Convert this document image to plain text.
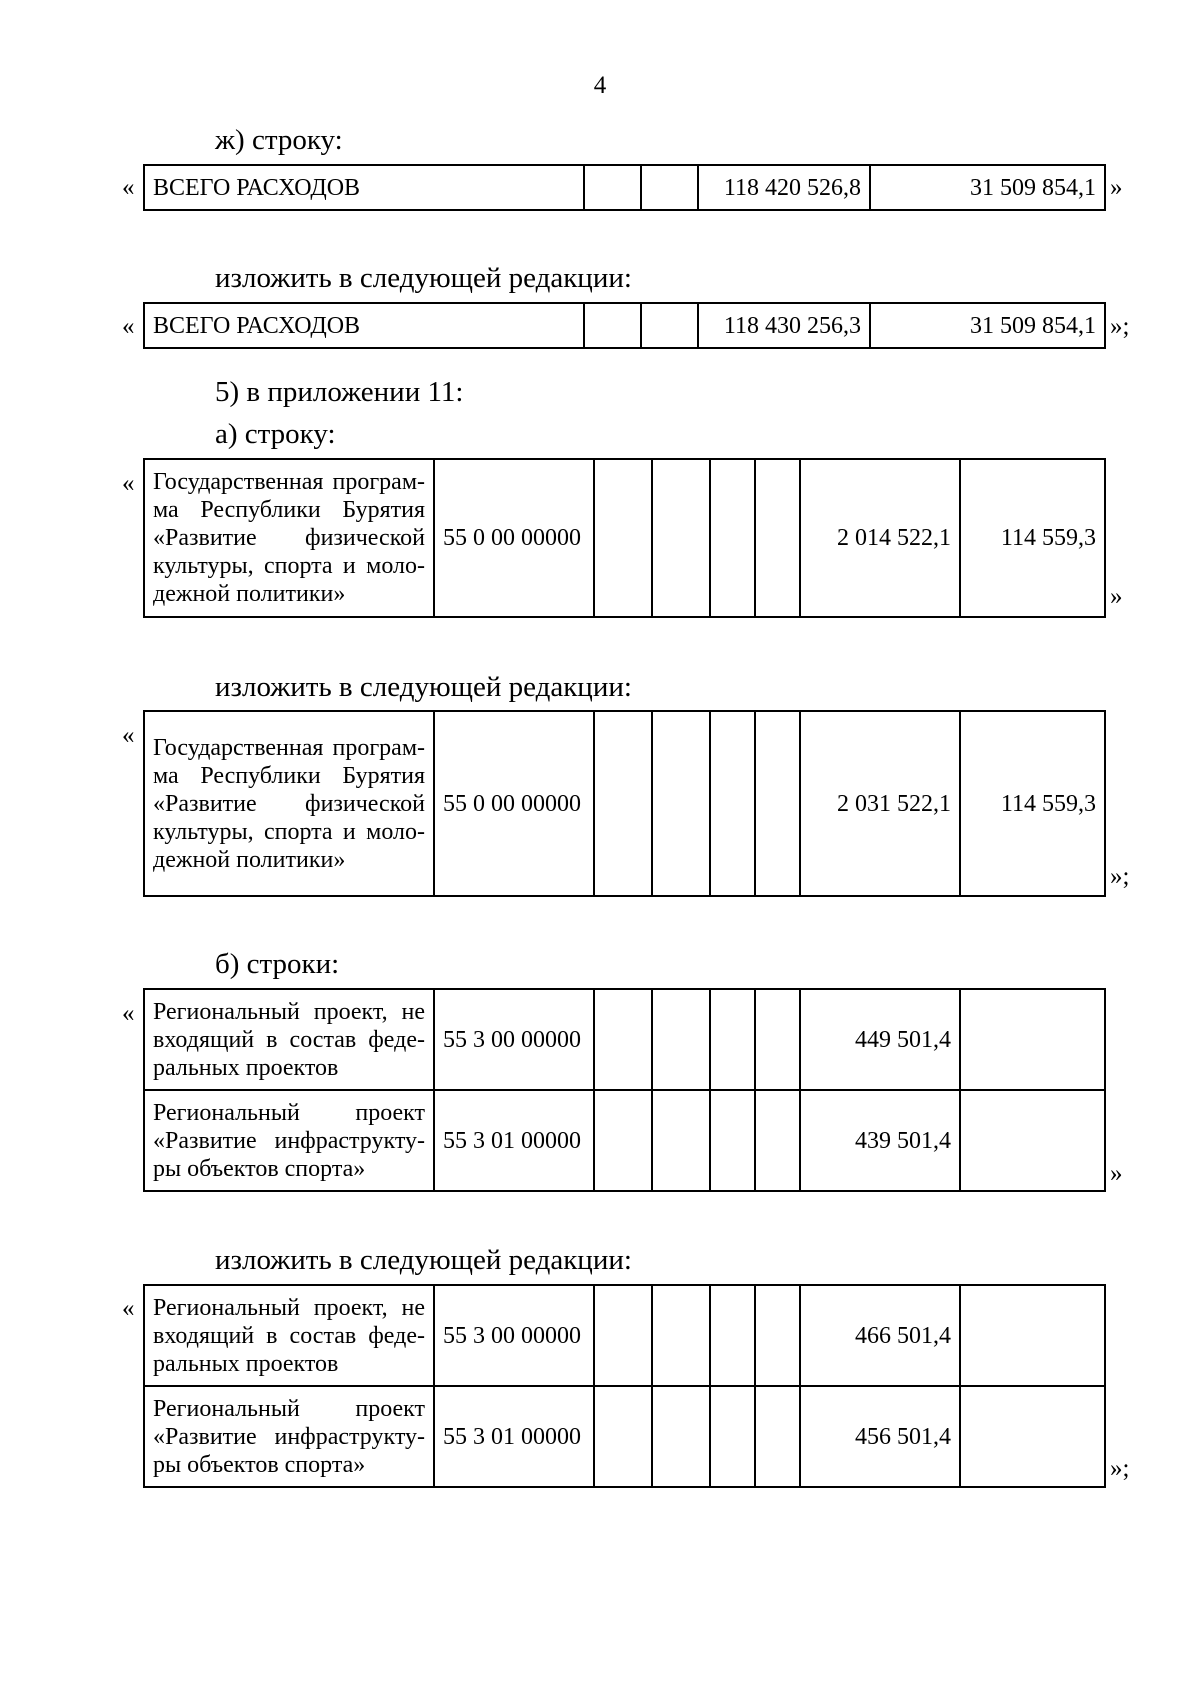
4
ж) строку:
« ВСЕГО РАСХОДОВ			118 420 526,8	31 509 854,1 »
изложить в следующей редакции:
« ВСЕГО РАСХОДОВ			118 430 256,3	31 509 854,1 »;
5) в приложении 11:
а) строку:
« Государственная програм-
ма Республики Бурятия
«Развитие физической
культуры, спорта и моло-
дежной политики»
	55 0 00 00000					2 014 522,1	114 559,3
»
изложить в следующей редакции:
« Государственная програм-
ма Республики Бурятия
«Развитие физической
культуры, спорта и моло-
дежной политики»
	55 0 00 00000					2 031 522,1	114 559,3
»;
б) строки:
« Региональный проект, не
входящий в состав феде-
ральных проектов	55 3 00 00000					449 501,4	

Региональный проект
«Развитие инфраструкту-
ры объектов спорта»	55 3 01 00000					439 501,4	
»
изложить в следующей редакции:
« Региональный проект, не
входящий в состав феде-
ральных проектов	55 3 00 00000					466 501,4	

Региональный проект
«Развитие инфраструкту-
ры объектов спорта»	55 3 01 00000					456 501,4	
»;
